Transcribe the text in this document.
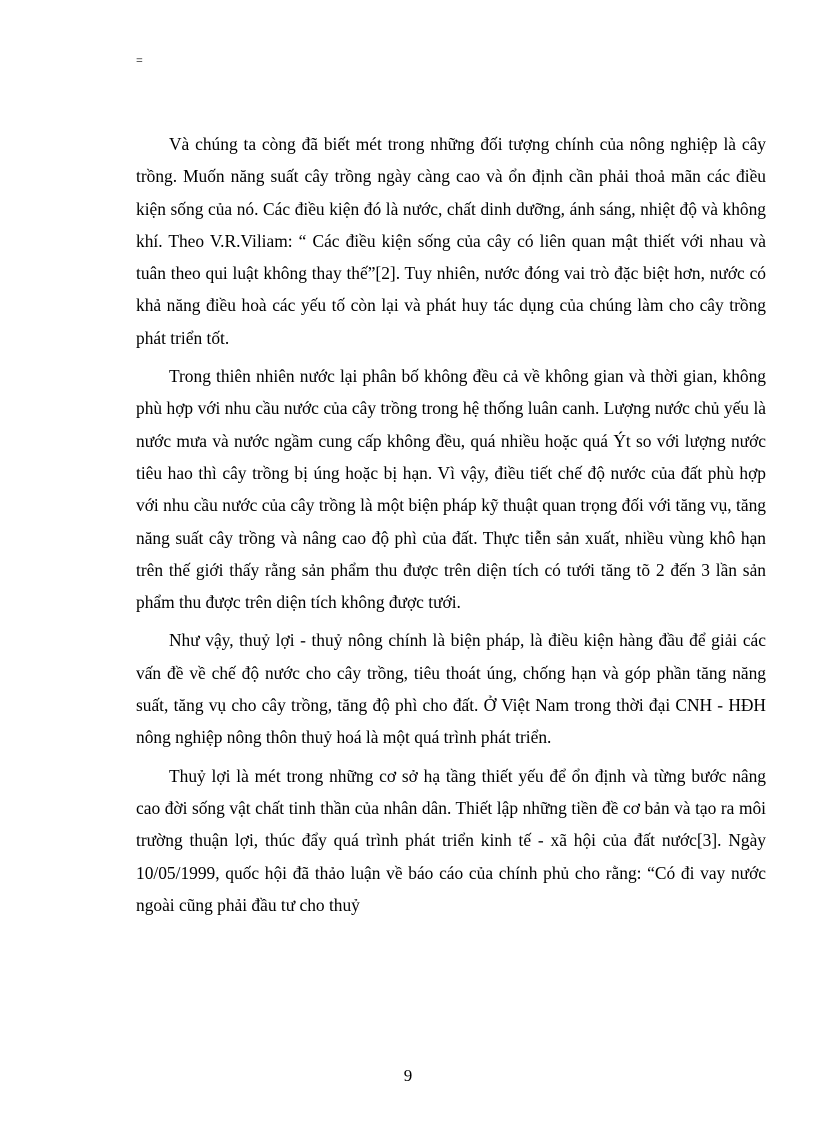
=

Và chúng ta còng đã biết mét trong những đối tượng chính của nông nghiệp là cây trồng. Muốn năng suất cây trồng ngày càng cao và ổn định cần phải thoả mãn các điều kiện sống của nó. Các điều kiện đó là nước, chất dinh dưỡng, ánh sáng, nhiệt độ và không khí. Theo V.R.Viliam: “ Các điều kiện sống của cây có liên quan mật thiết với nhau và tuân theo qui luật không thay thế”[2]. Tuy nhiên, nước đóng vai trò đặc biệt hơn, nước có khả năng điều hoà các yếu tố còn lại và phát huy tác dụng của chúng làm cho cây trồng phát triển tốt.

Trong thiên nhiên nước lại phân bố không đều cả về không gian và thời gian, không phù hợp với nhu cầu nước của cây trồng trong hệ thống luân canh. Lượng nước chủ yếu là nước mưa và nước ngầm cung cấp không đều, quá nhiều hoặc quá Ýt so với lượng nước tiêu hao thì cây trồng bị úng hoặc bị hạn. Vì vậy, điều tiết chế độ nước của đất phù hợp với nhu cầu nước của cây trồng là một biện pháp kỹ thuật quan trọng đối với tăng vụ, tăng năng suất cây trồng và nâng cao độ phì của đất. Thực tiễn sản xuất, nhiều vùng khô hạn trên thế giới thấy rằng sản phẩm thu được trên diện tích có tưới tăng tõ 2 đến 3 lần sản phẩm thu được trên diện tích không được tưới.

Như vậy, thuỷ lợi - thuỷ nông chính là biện pháp, là điều kiện hàng đầu để giải các vấn đề về chế độ nước cho cây trồng, tiêu thoát úng, chống hạn và góp phần tăng năng suất, tăng vụ cho cây trồng, tăng độ phì cho đất. Ở Việt Nam trong thời đại CNH - HĐH nông nghiệp nông thôn thuỷ hoá là một quá trình phát triển.

Thuỷ lợi là mét trong những cơ sở hạ tầng thiết yếu để ổn định và từng bước nâng cao đời sống vật chất tinh thần của nhân dân. Thiết lập những tiền đề cơ bản và tạo ra môi trường thuận lợi, thúc đẩy quá trình phát triển kinh tế - xã hội của đất nước[3]. Ngày 10/05/1999, quốc hội đã thảo luận về báo cáo của chính phủ cho rằng: “Có đi vay nước ngoài cũng phải đầu tư cho thuỷ

9
